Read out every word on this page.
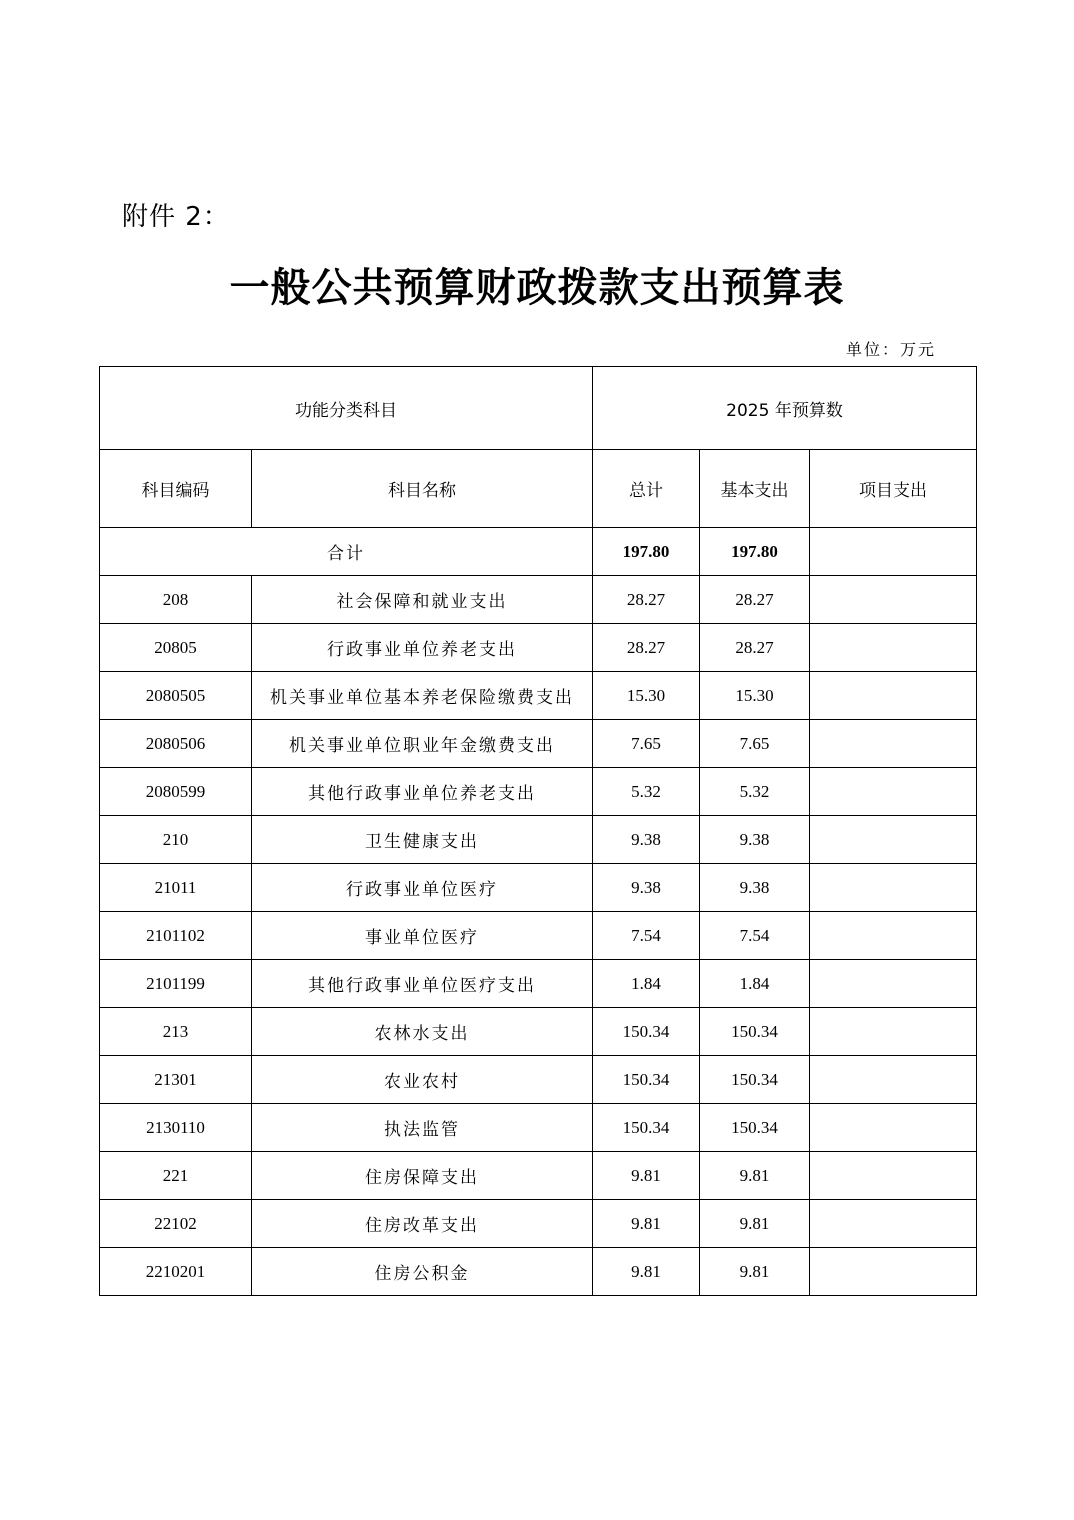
附件 2：
一般公共预算财政拨款支出预算表
单位：万元
功能分类科目		2025 年预算数		
科目编码	科目名称	总计	基本支出	项目支出
合计		197.80	197.80	
208	社会保障和就业支出	28.27	28.27	
20805	行政事业单位养老支出	28.27	28.27	
2080505	机关事业单位基本养老保险缴费支出	15.30	15.30	
2080506	机关事业单位职业年金缴费支出	7.65	7.65	
2080599	其他行政事业单位养老支出	5.32	5.32	
210	卫生健康支出	9.38	9.38	
21011	行政事业单位医疗	9.38	9.38	
2101102	事业单位医疗	7.54	7.54	
2101199	其他行政事业单位医疗支出	1.84	1.84	
213	农林水支出	150.34	150.34	
21301	农业农村	150.34	150.34	
2130110	执法监管	150.34	150.34	
221	住房保障支出	9.81	9.81	
22102	住房改革支出	9.81	9.81	
2210201	住房公积金	9.81	9.81	
